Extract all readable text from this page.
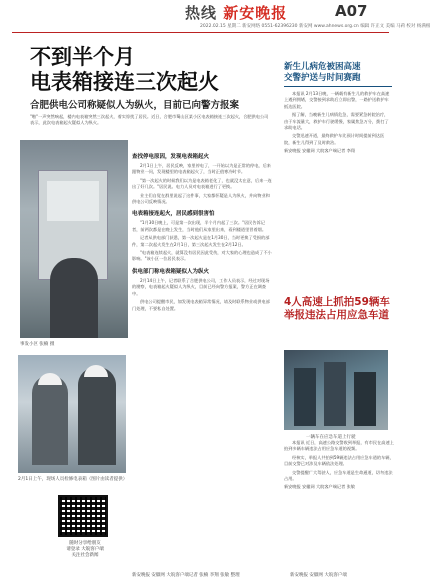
热线 新安晚报	A07
2022.02.15 星期二 新安网络 0551-62396230 新安网 www.ahnews.org.cn 编辑 许正文 美编 马莉 校对 杨满根
不到半个月
电表箱接连三次起火
合肥供电公司称疑似人为纵火，目前已向警方报案
"啪"一声突然响起，楼内电表箱突然三次起火，着实惊扰了居民。近日，合肥市蜀山区某小区电表箱接连三次起火，合肥供电公司表示，此次电表箱起火疑似人为纵火。
事发小区 张楠 摄
2月1日上午，现场人员检修电表箱（图片由读者提供）
随时分享给朋友
请登录 大皖客户端
关注社会新闻
查找停电原因，发现电表箱起火

2月1日上午，居民反映，家里停电了，一开始以为是正常的停电，后来跟物业一问，发现楼里的电表箱起火了，当时正值寒冷时节。

"第一次起火的时候我们以为是电表箱老化了，也就没太在意，后来一连出了好几次。"居民说。电力人员对电表箱进行了更换。

业主们自觉在群里说起了这件事，大家都怀疑是人为纵火，并向物业和供电公司反映情况。

电表箱接连起火，居民感到很害怕

"1月30日晚上，可是第一次出现，半个月内起了三次。"居民告诉记者，前两次都是在晚上发生，当时他们从家里出来，看到楼道里冒着烟。

记者从供电部门获悉，第一次起火是在1月30日，当时更换了受损的部件，第二次起火发生在2月1日，第三次起火发生在2月12日。

"电表箱连续起火，就算没有居民因此受伤，对大家的心理也造成了不小影响。"该小区一位居民表示。

供电部门称电表箱疑似人为纵火

2月14日上午，记者联系了合肥供电公司，工作人员表示，经过对现场的勘察，电表箱起火疑似人为纵火，目前已经向警方报案，警方正在调查中。

供电公司提醒市民，如发现电表箱异常情况，请及时联系物业或供电部门处理，不要私自处置。

新生儿病危被困高速
交警护送与时间赛跑

本报讯 2月13日晚，一辆载有新生儿的救护车在高速上遇到拥堵，交警接到求助后立即出警，一路护送救护车抵达医院。

据了解，当晚新生儿病情危急，需要紧急转院治疗，由于车流量大，救护车行驶缓慢，家属焦急万分，拨打了求助电话。

交警迅速开道，最终救护车比预计时间提前到达医院，新生儿得到了及时救治。

新安晚报 安徽网 大皖客户端记者 李翔

4人高速上抓拍59辆车
举报违法占用应急车道
一辆车在应急车道上行驶

本报讯 近日，高速公路交警收到举报，有市民在高速上拍到多辆车辆违法占用应急车道的视频。

经核实，举报人共拍到59辆违法占用应急车道的车辆，目前交警已对涉及车辆依法处理。

交警提醒广大驾驶人，应急车道是生命通道，切勿违法占用。

新安晚报 安徽网 大皖客户端记者 张敏

新安晚报 安徽网 大皖客户端记者 张楠 李翔 张敏 整理	新安晚报 安徽网 大皖客户端
